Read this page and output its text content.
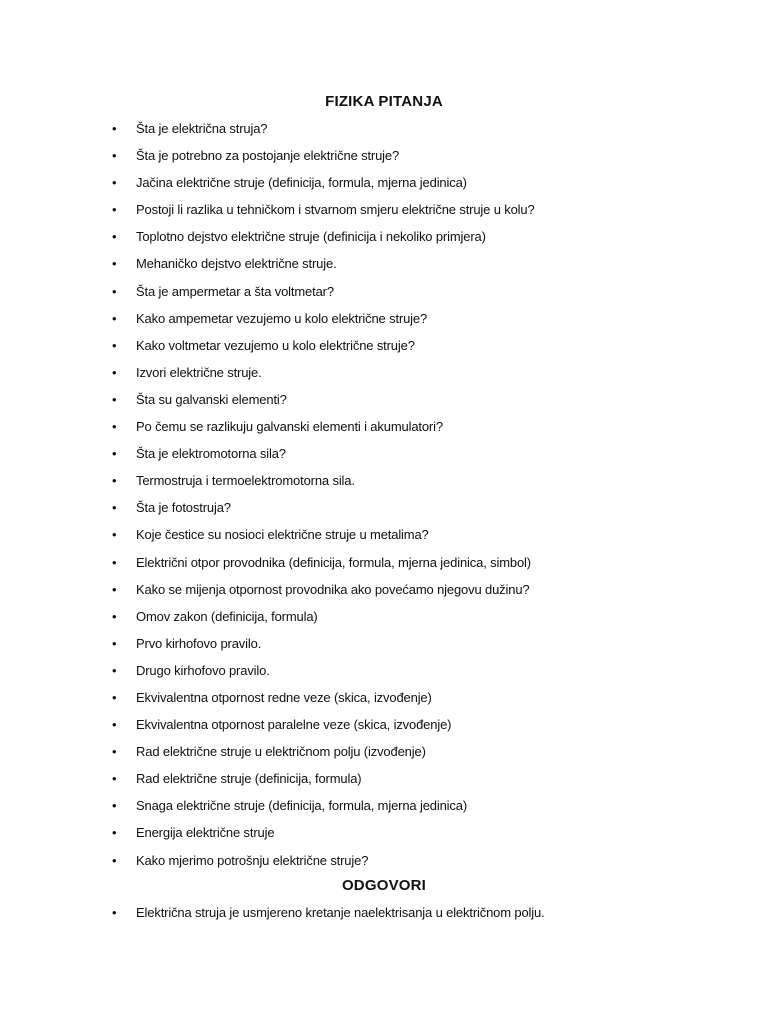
FIZIKA PITANJA
• Šta je električna struja?
• Šta je potrebno za postojanje električne struje?
• Jačina električne struje (definicija, formula, mjerna jedinica)
• Postoji li razlika u tehničkom i stvarnom smjeru električne struje u kolu?
• Toplotno dejstvo električne struje (definicija i nekoliko primjera)
• Mehaničko dejstvo električne struje.
• Šta je ampermetar a šta voltmetar?
• Kako ampemetar vezujemo u kolo električne struje?
• Kako voltmetar vezujemo u kolo električne struje?
• Izvori električne struje.
• Šta su galvanski elementi?
• Po čemu se razlikuju galvanski elementi i akumulatori?
• Šta je elektromotorna sila?
• Termostruja i termoelektromotorna sila.
• Šta je fotostruja?
• Koje čestice su nosioci električne struje u metalima?
• Električni otpor provodnika (definicija, formula, mjerna jedinica, simbol)
• Kako se mijenja otpornost provodnika ako povećamo njegovu dužinu?
• Omov zakon (definicija, formula)
• Prvo kirhofovo pravilo.
• Drugo kirhofovo pravilo.
• Ekvivalentna otpornost redne veze (skica, izvođenje)
• Ekvivalentna otpornost paralelne veze (skica, izvođenje)
• Rad električne struje u električnom polju (izvođenje)
• Rad električne struje (definicija, formula)
• Snaga električne struje (definicija, formula, mjerna jedinica)
• Energija električne struje
• Kako mjerimo potrošnju električne struje?
ODGOVORI
• Električna struja je usmjereno kretanje naelektrisanja u električnom polju.
